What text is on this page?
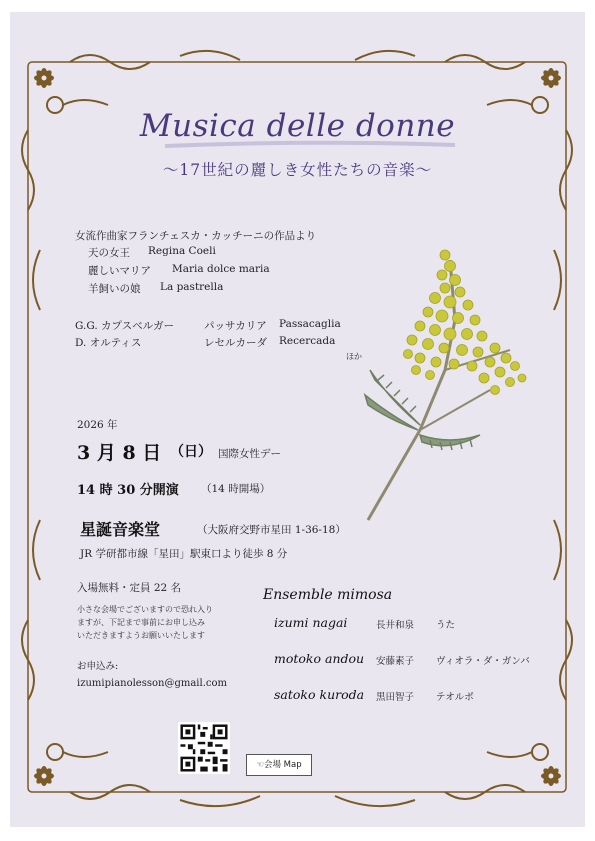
Musica delle donne
〜17世紀の麗しき女性たちの音楽〜
女流作曲家フランチェスカ・カッチーニの作品より
天の女王 Regina Coeli
麗しいマリア Maria dolce maria
羊飼いの娘 La pastrella
G.G. カプスベルガー	パッサカリア Passacaglia
D. オルティス	レセルカーダ Recercada
ほか
2026 年
3 月 8 日 （日） 国際女性デー
14 時 30 分開演 （14 時開場）
星誕音楽堂	（大阪府交野市星田 1-36-18）
JR 学研都市線「星田」駅東口より徒歩 8 分
入場無料・定員 22 名
小さな会場でございますので恐れ入り
ますが、下記まで事前にお申し込み
いただきますようお願いいたします
お申込み:
izumipianolesson@gmail.com
Ensemble mimosa
izumi nagai	長井和泉 うた
motoko andou 安藤素子 ヴィオラ・ダ・ガンバ
satoko kuroda 黒田智子 テオルボ
☜会場 Map
